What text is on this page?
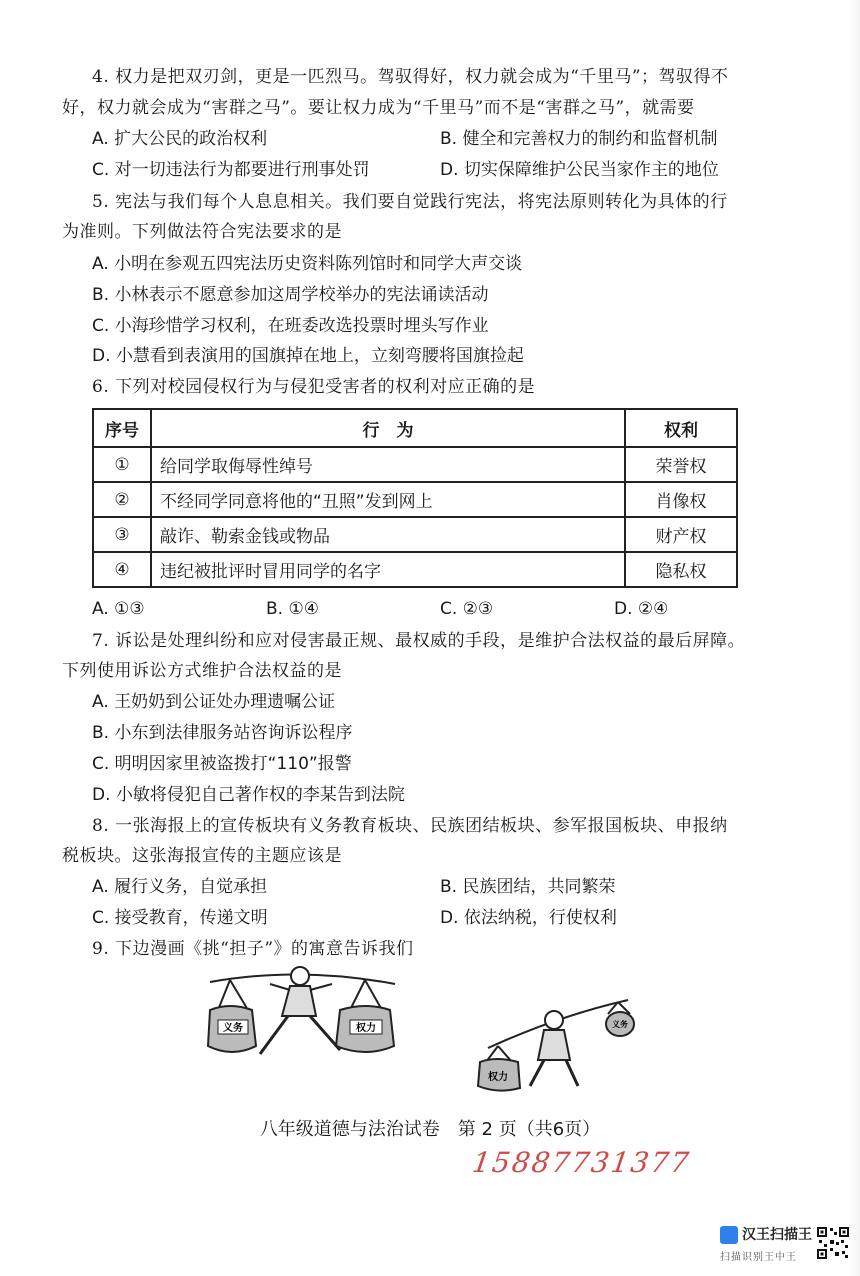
4. 权力是把双刃剑，更是一匹烈马。驾驭得好，权力就会成为“千里马”；驾驭得不
好，权力就会成为“害群之马”。要让权力成为“千里马”而不是“害群之马”，就需要
A. 扩大公民的政治权利	B. 健全和完善权力的制约和监督机制
C. 对一切违法行为都要进行刑事处罚	D. 切实保障维护公民当家作主的地位
5. 宪法与我们每个人息息相关。我们要自觉践行宪法，将宪法原则转化为具体的行
为准则。下列做法符合宪法要求的是
A. 小明在参观五四宪法历史资料陈列馆时和同学大声交谈
B. 小林表示不愿意参加这周学校举办的宪法诵读活动
C. 小海珍惜学习权利，在班委改选投票时埋头写作业
D. 小慧看到表演用的国旗掉在地上，立刻弯腰将国旗捡起
6. 下列对校园侵权行为与侵犯受害者的权利对应正确的是
序号	行　为	权利
①	给同学取侮辱性绰号	荣誉权
②	不经同学同意将他的“丑照”发到网上	肖像权
③	敲诈、勒索金钱或物品	财产权
④	违纪被批评时冒用同学的名字	隐私权
A. ①③	B. ①④	C. ②③	D. ②④
7. 诉讼是处理纠纷和应对侵害最正规、最权威的手段，是维护合法权益的最后屏障。
下列使用诉讼方式维护合法权益的是
A. 王奶奶到公证处办理遗嘱公证
B. 小东到法律服务站咨询诉讼程序
C. 明明因家里被盗拨打“110”报警
D. 小敏将侵犯自己著作权的李某告到法院
8. 一张海报上的宣传板块有义务教育板块、民族团结板块、参军报国板块、申报纳
税板块。这张海报宣传的主题应该是
A. 履行义务，自觉承担	B. 民族团结，共同繁荣
C. 接受教育，传递文明	D. 依法纳税，行使权利
9. 下边漫画《挑“担子”》的寓意告诉我们
义务	权力
权力
义务
八年级道德与法治试卷　第 2 页（共6页）
15887731377
汉王扫描王
扫描识别王中王
